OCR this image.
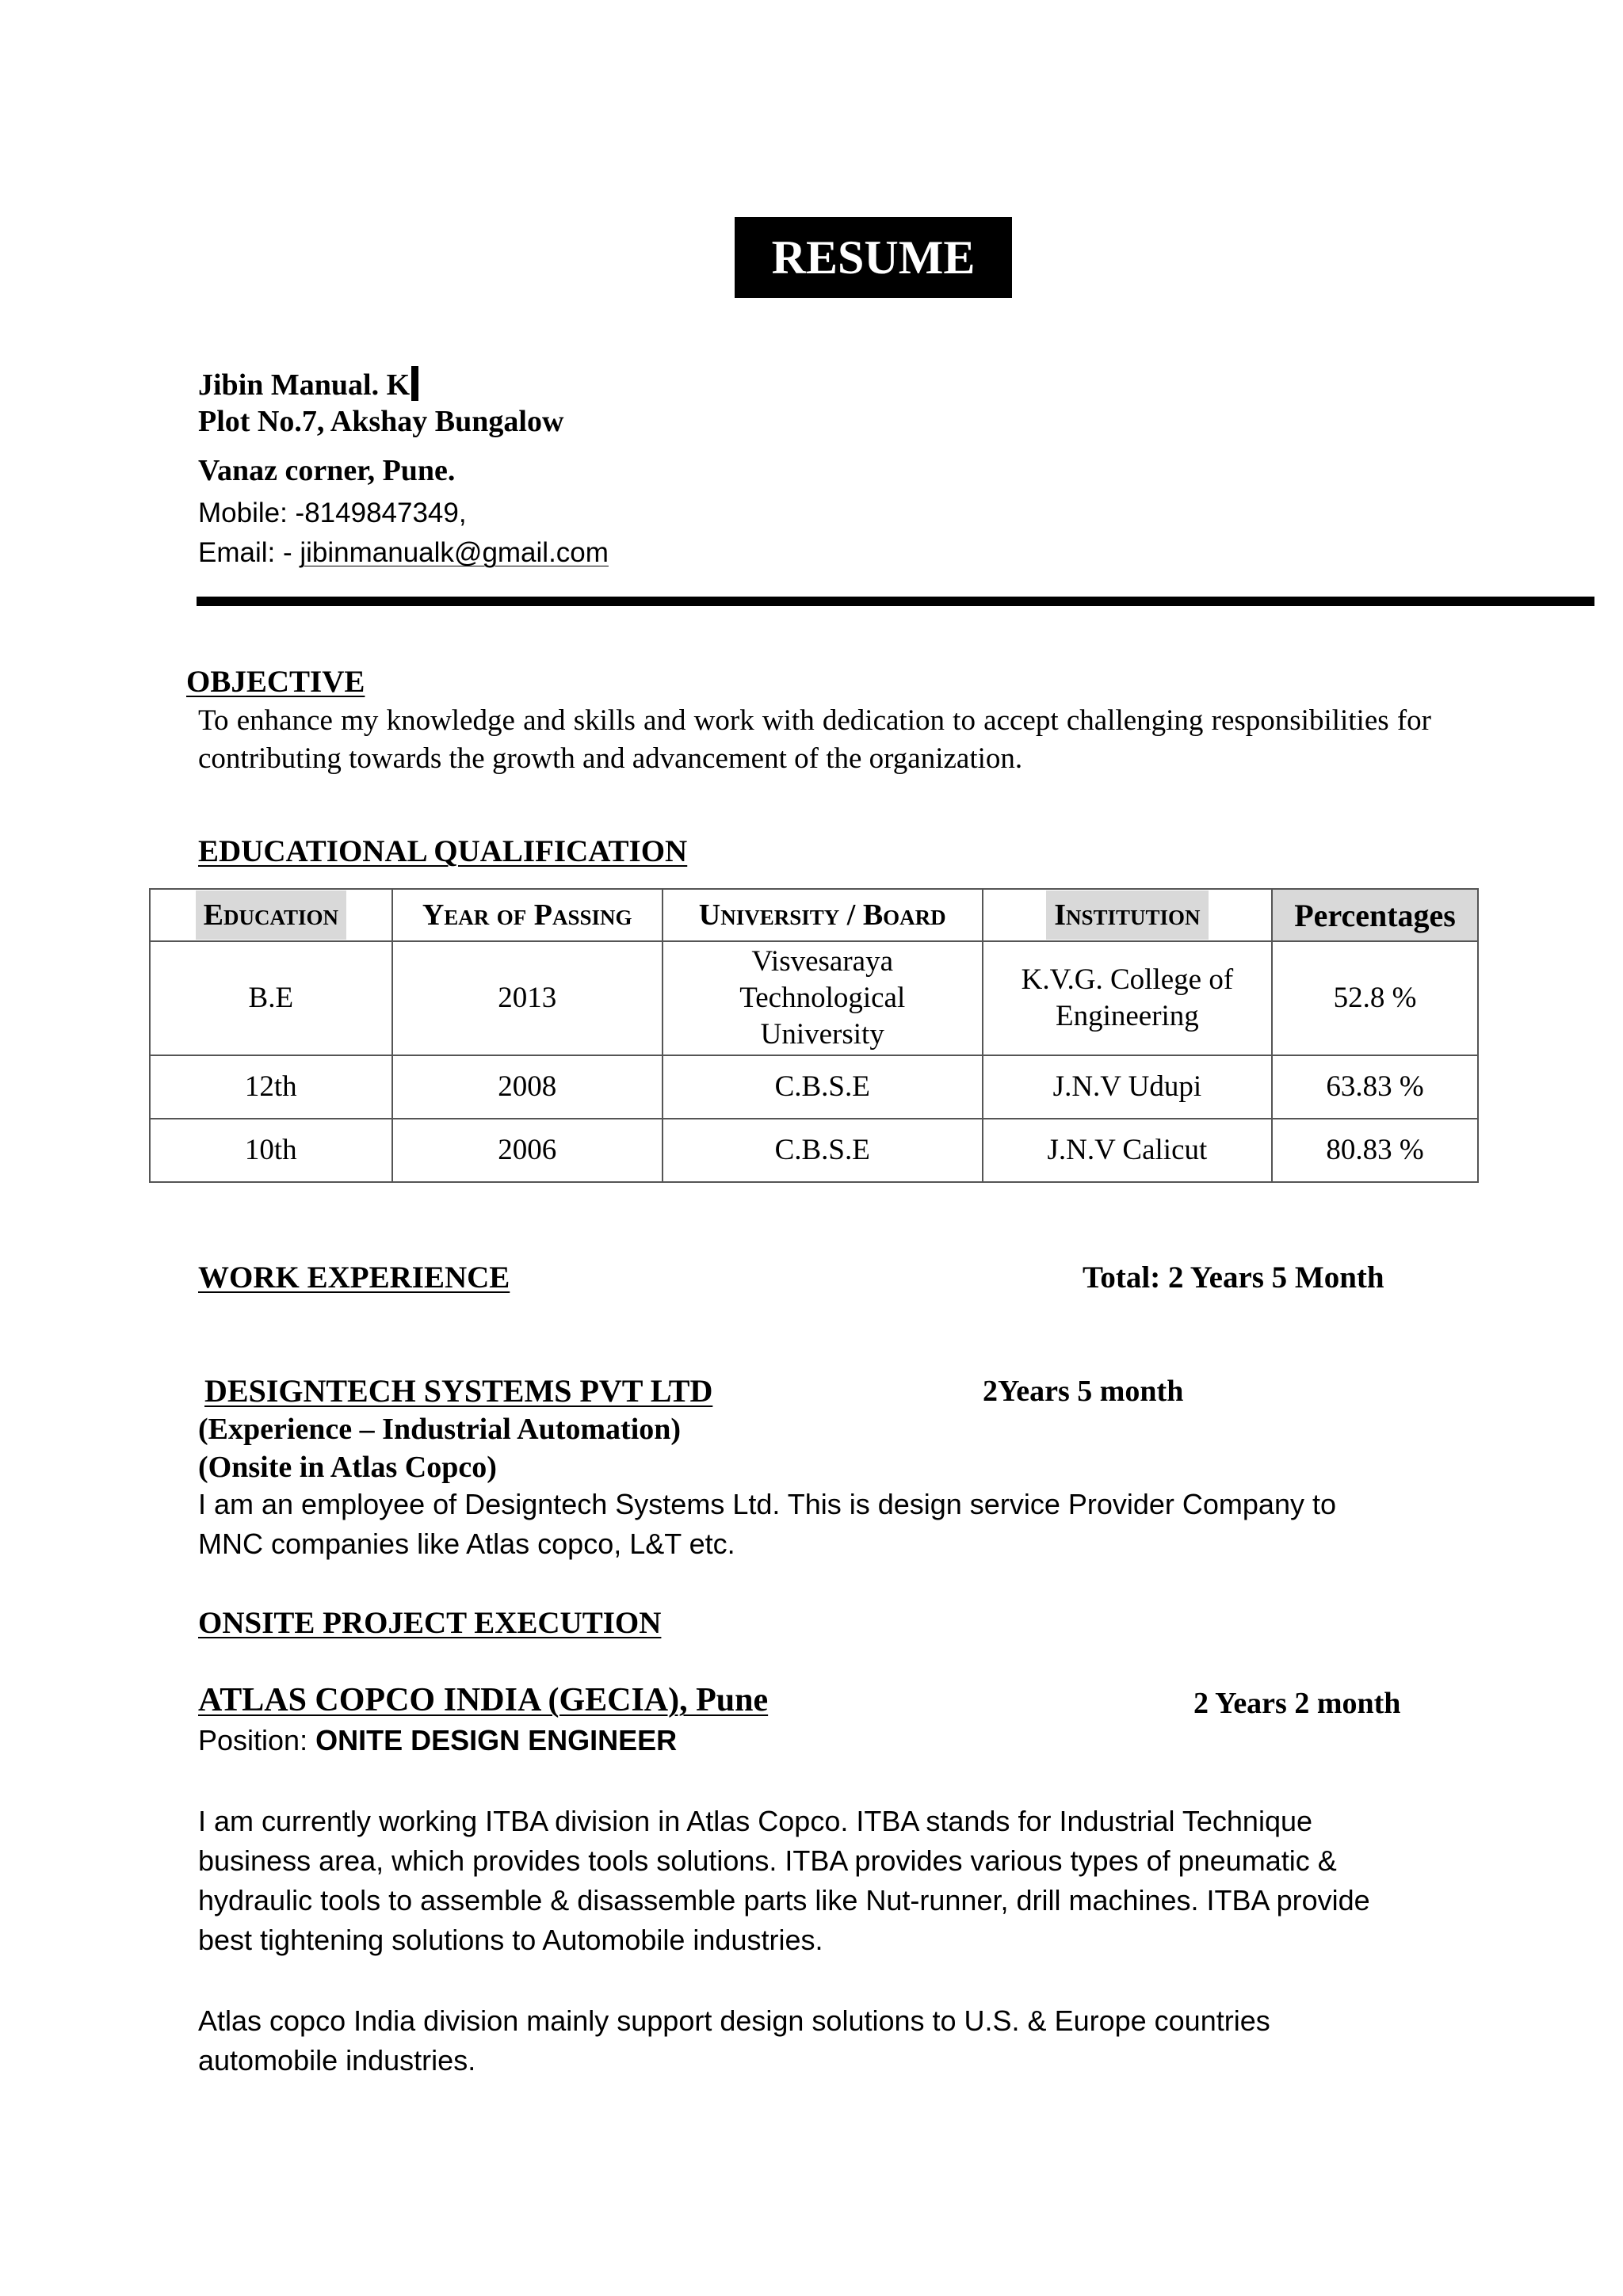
RESUME
Jibin Manual. K
Plot No.7, Akshay Bungalow
Vanaz corner, Pune.
Mobile: -8149847349,
Email: - jibinmanualk@gmail.com
OBJECTIVE
To enhance my knowledge and skills and work with dedication to accept challenging responsibilities for contributing towards the growth and advancement of the organization.
EDUCATIONAL QUALIFICATION
Education	Year of Passing	University / Board	Institution	Percentages
B.E	2013	Visvesaraya Technological University	K.V.G. College of Engineering	52.8 %
12th	2008	C.B.S.E	J.N.V Udupi	63.83 %
10th	2006	C.B.S.E	J.N.V Calicut	80.83 %
WORK EXPERIENCE	Total: 2 Years 5 Month
DESIGNTECH SYSTEMS PVT LTD	2Years 5 month
(Experience – Industrial Automation)
(Onsite in Atlas Copco)
I am an employee of Designtech Systems Ltd. This is design service Provider Company to MNC companies like Atlas copco, L&T etc.
ONSITE PROJECT EXECUTION
ATLAS COPCO INDIA (GECIA), Pune	2 Years 2 month
Position: ONITE DESIGN ENGINEER
I am currently working ITBA division in Atlas Copco. ITBA stands for Industrial Technique business area, which provides tools solutions. ITBA provides various types of pneumatic & hydraulic tools to assemble & disassemble parts like Nut-runner, drill machines. ITBA provide best tightening solutions to Automobile industries.
Atlas copco India division mainly support design solutions to U.S. & Europe countries automobile industries.
